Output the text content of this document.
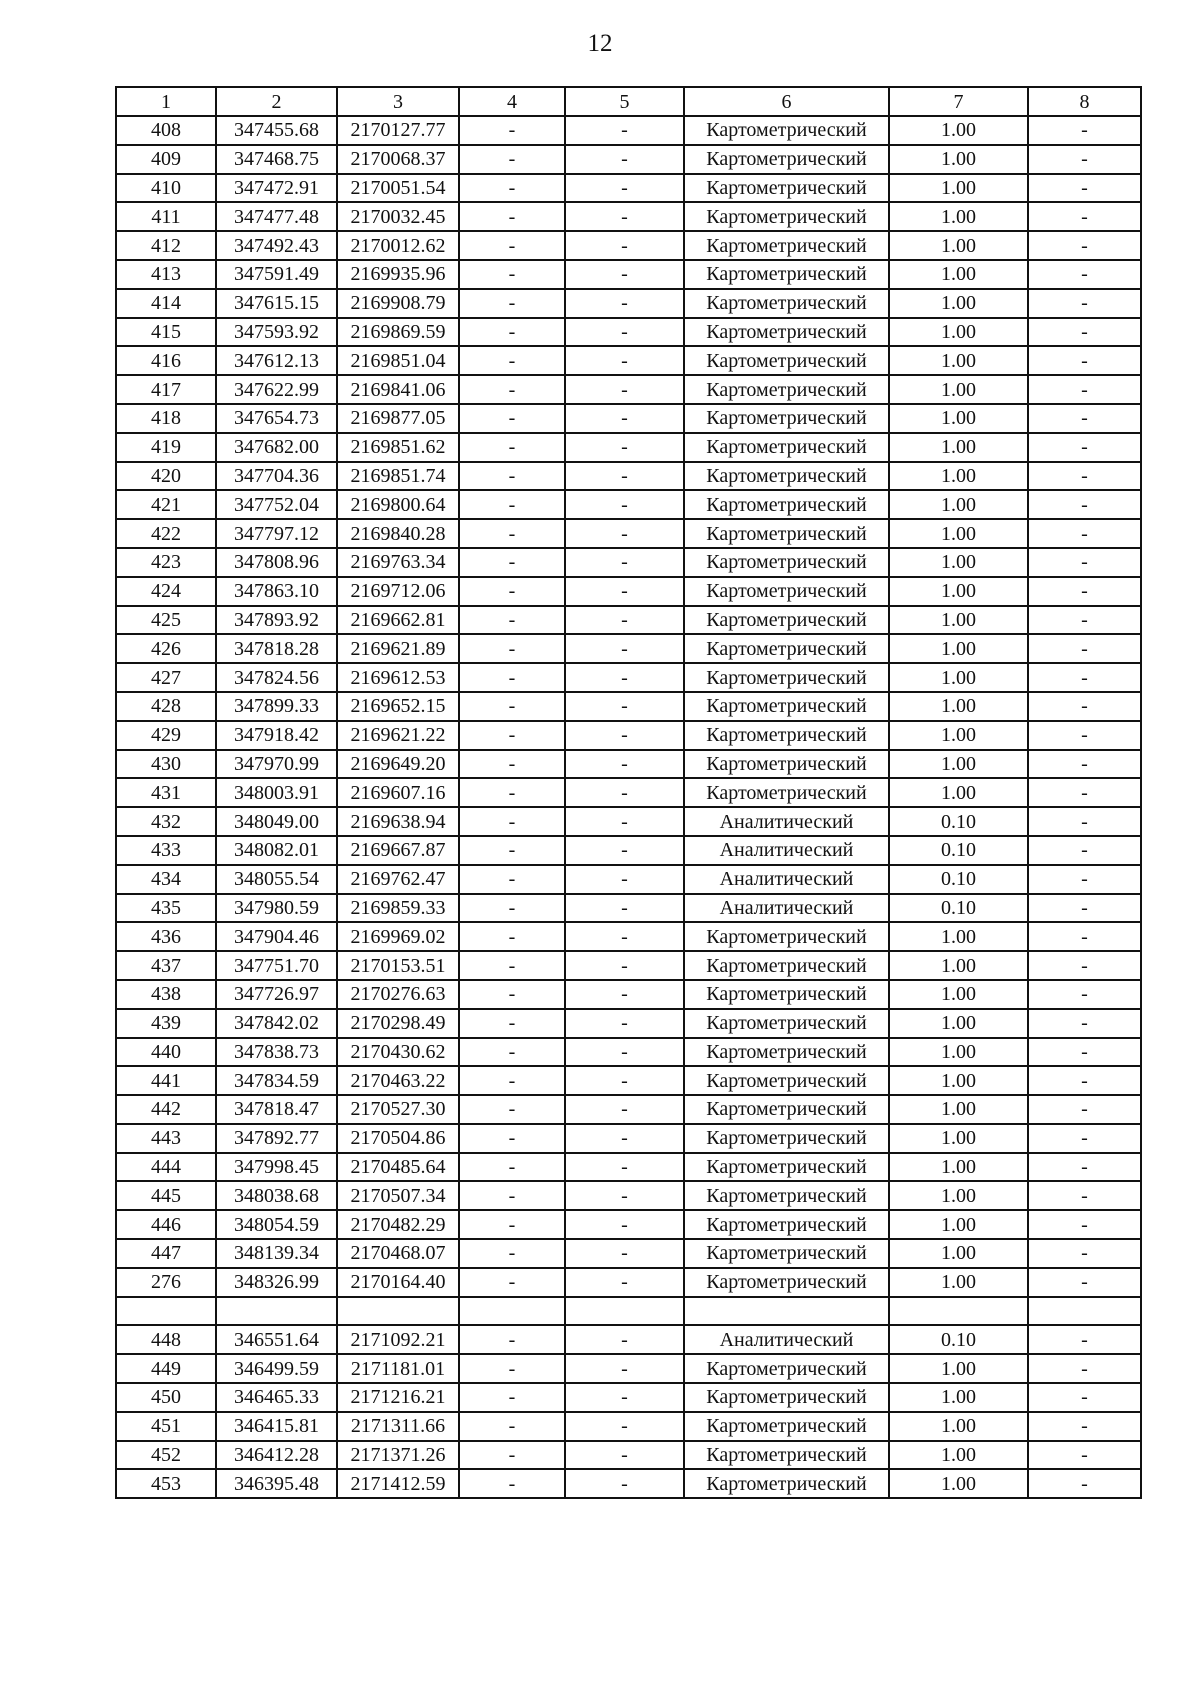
12
1	2	3	4	5	6	7	8
408	347455.68	2170127.77	-	-	Картометрический	1.00	-
409	347468.75	2170068.37	-	-	Картометрический	1.00	-
410	347472.91	2170051.54	-	-	Картометрический	1.00	-
411	347477.48	2170032.45	-	-	Картометрический	1.00	-
412	347492.43	2170012.62	-	-	Картометрический	1.00	-
413	347591.49	2169935.96	-	-	Картометрический	1.00	-
414	347615.15	2169908.79	-	-	Картометрический	1.00	-
415	347593.92	2169869.59	-	-	Картометрический	1.00	-
416	347612.13	2169851.04	-	-	Картометрический	1.00	-
417	347622.99	2169841.06	-	-	Картометрический	1.00	-
418	347654.73	2169877.05	-	-	Картометрический	1.00	-
419	347682.00	2169851.62	-	-	Картометрический	1.00	-
420	347704.36	2169851.74	-	-	Картометрический	1.00	-
421	347752.04	2169800.64	-	-	Картометрический	1.00	-
422	347797.12	2169840.28	-	-	Картометрический	1.00	-
423	347808.96	2169763.34	-	-	Картометрический	1.00	-
424	347863.10	2169712.06	-	-	Картометрический	1.00	-
425	347893.92	2169662.81	-	-	Картометрический	1.00	-
426	347818.28	2169621.89	-	-	Картометрический	1.00	-
427	347824.56	2169612.53	-	-	Картометрический	1.00	-
428	347899.33	2169652.15	-	-	Картометрический	1.00	-
429	347918.42	2169621.22	-	-	Картометрический	1.00	-
430	347970.99	2169649.20	-	-	Картометрический	1.00	-
431	348003.91	2169607.16	-	-	Картометрический	1.00	-
432	348049.00	2169638.94	-	-	Аналитический	0.10	-
433	348082.01	2169667.87	-	-	Аналитический	0.10	-
434	348055.54	2169762.47	-	-	Аналитический	0.10	-
435	347980.59	2169859.33	-	-	Аналитический	0.10	-
436	347904.46	2169969.02	-	-	Картометрический	1.00	-
437	347751.70	2170153.51	-	-	Картометрический	1.00	-
438	347726.97	2170276.63	-	-	Картометрический	1.00	-
439	347842.02	2170298.49	-	-	Картометрический	1.00	-
440	347838.73	2170430.62	-	-	Картометрический	1.00	-
441	347834.59	2170463.22	-	-	Картометрический	1.00	-
442	347818.47	2170527.30	-	-	Картометрический	1.00	-
443	347892.77	2170504.86	-	-	Картометрический	1.00	-
444	347998.45	2170485.64	-	-	Картометрический	1.00	-
445	348038.68	2170507.34	-	-	Картометрический	1.00	-
446	348054.59	2170482.29	-	-	Картометрический	1.00	-
447	348139.34	2170468.07	-	-	Картометрический	1.00	-
276	348326.99	2170164.40	-	-	Картометрический	1.00	-

448	346551.64	2171092.21	-	-	Аналитический	0.10	-
449	346499.59	2171181.01	-	-	Картометрический	1.00	-
450	346465.33	2171216.21	-	-	Картометрический	1.00	-
451	346415.81	2171311.66	-	-	Картометрический	1.00	-
452	346412.28	2171371.26	-	-	Картометрический	1.00	-
453	346395.48	2171412.59	-	-	Картометрический	1.00	-
